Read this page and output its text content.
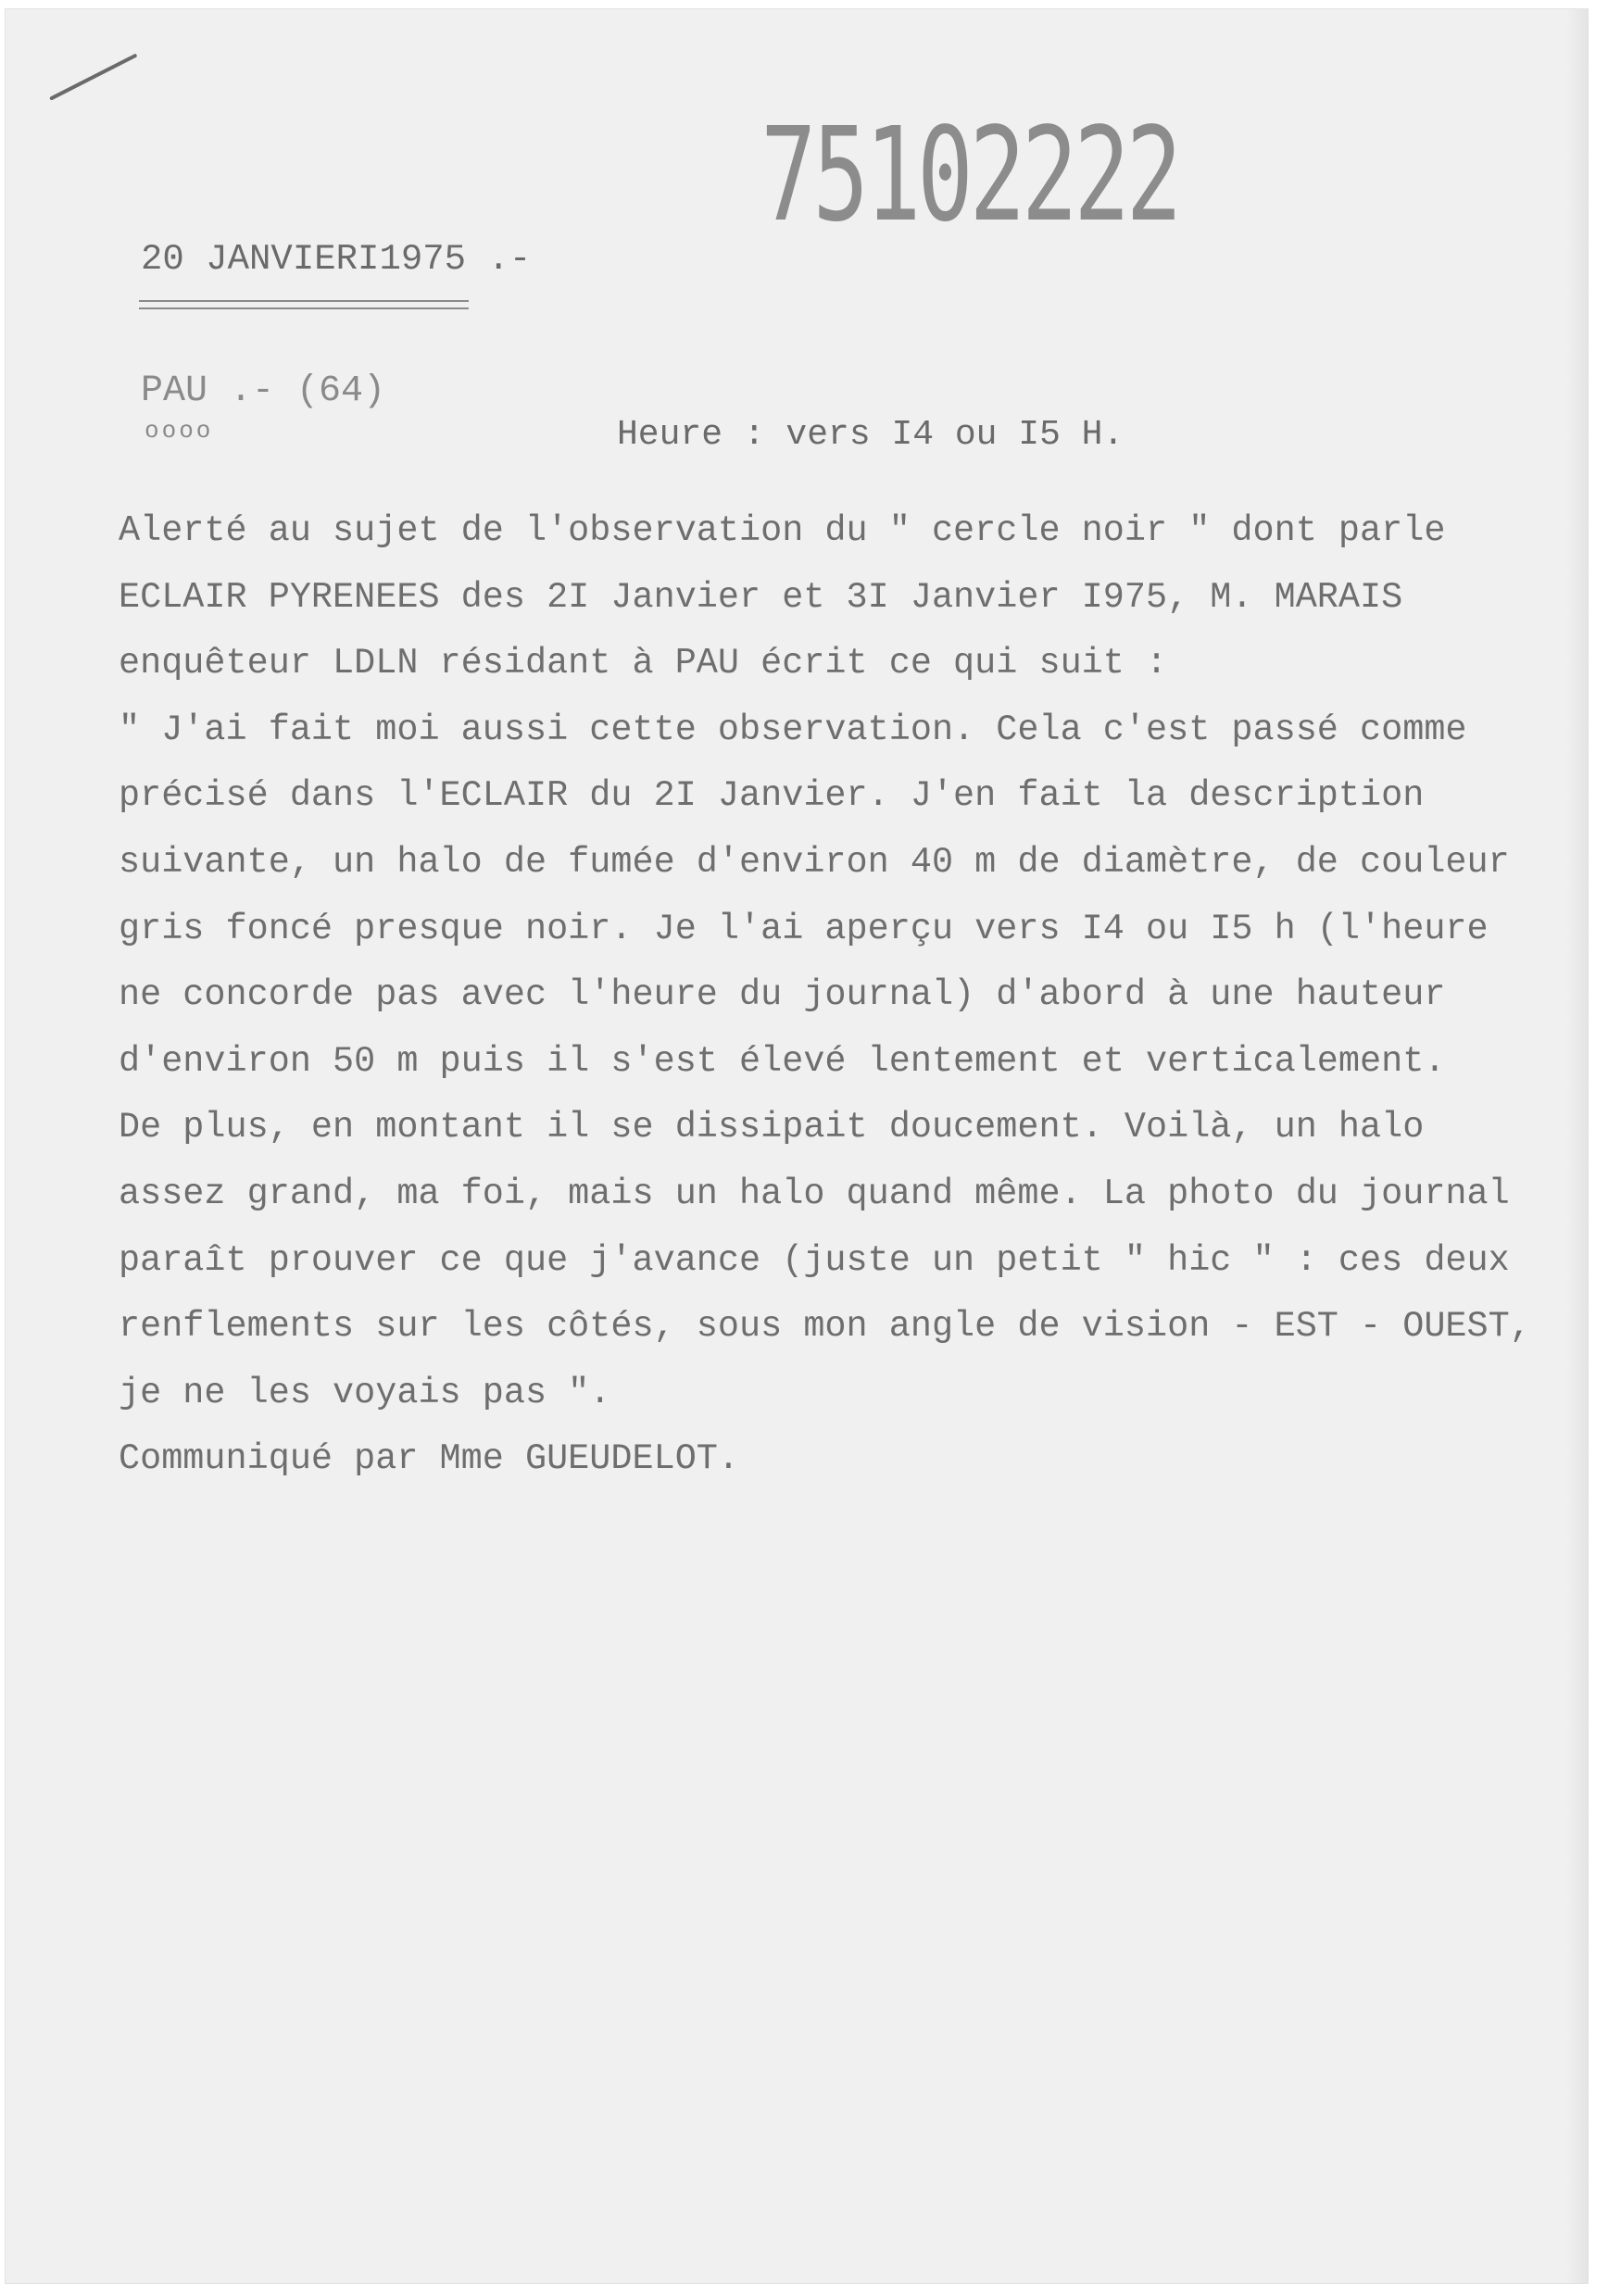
75102222

20 JANVIERI1975 .-

PAU .- (64)

oooo	Heure : vers I4 ou I5 H.

Alerté au sujet de l'observation du " cercle noir " dont parle
ECLAIR PYRENEES des 2I Janvier et 3I Janvier I975, M. MARAIS
enquêteur LDLN résidant à PAU écrit ce qui suit :
" J'ai fait moi aussi cette observation. Cela c'est passé comme
précisé dans l'ECLAIR du 2I Janvier. J'en fait la description
suivante, un halo de fumée d'environ 40 m de diamètre, de couleur
gris foncé presque noir. Je l'ai aperçu vers I4 ou I5 h (l'heure
ne concorde pas avec l'heure du journal) d'abord à une hauteur
d'environ 50 m puis il s'est élevé lentement et verticalement.
De plus, en montant il se dissipait doucement. Voilà, un halo
assez grand, ma foi, mais un halo quand même. La photo du journal
paraît prouver ce que j'avance (juste un petit " hic " : ces deux
renflements sur les côtés, sous mon angle de vision - EST - OUEST,
je ne les voyais pas ".
Communiqué par Mme GUEUDELOT.
